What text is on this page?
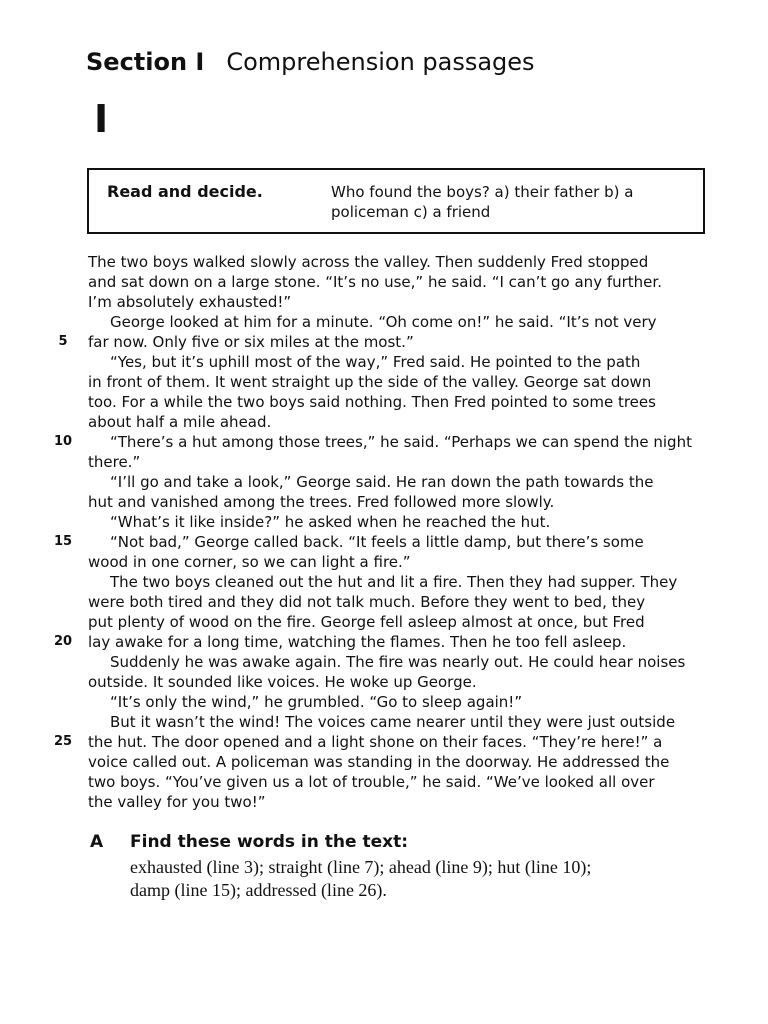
Section I Comprehension passages
I
Read and decide.	Who found the boys? a) their father b) a policeman c) a friend
The two boys walked slowly across the valley. Then suddenly Fred stopped
and sat down on a large stone. “It’s no use,” he said. “I can’t go any further.
I’m absolutely exhausted!”
George looked at him for a minute. “Oh come on!” he said. “It’s not very
5	far now. Only five or six miles at the most.”
“Yes, but it’s uphill most of the way,” Fred said. He pointed to the path
in front of them. It went straight up the side of the valley. George sat down
too. For a while the two boys said nothing. Then Fred pointed to some trees
about half a mile ahead.
10	“There’s a hut among those trees,” he said. “Perhaps we can spend the night
there.”
“I’ll go and take a look,” George said. He ran down the path towards the
hut and vanished among the trees. Fred followed more slowly.
“What’s it like inside?” he asked when he reached the hut.
15	“Not bad,” George called back. “It feels a little damp, but there’s some
wood in one corner, so we can light a fire.”
The two boys cleaned out the hut and lit a fire. Then they had supper. They
were both tired and they did not talk much. Before they went to bed, they
put plenty of wood on the fire. George fell asleep almost at once, but Fred
20	lay awake for a long time, watching the flames. Then he too fell asleep.
Suddenly he was awake again. The fire was nearly out. He could hear noises
outside. It sounded like voices. He woke up George.
“It’s only the wind,” he grumbled. “Go to sleep again!”
But it wasn’t the wind! The voices came nearer until they were just outside
25	the hut. The door opened and a light shone on their faces. “They’re here!” a
voice called out. A policeman was standing in the doorway. He addressed the
two boys. “You’ve given us a lot of trouble,” he said. “We’ve looked all over
the valley for you two!”
A Find these words in the text:
exhausted (line 3); straight (line 7); ahead (line 9); hut (line 10);
damp (line 15); addressed (line 26).
